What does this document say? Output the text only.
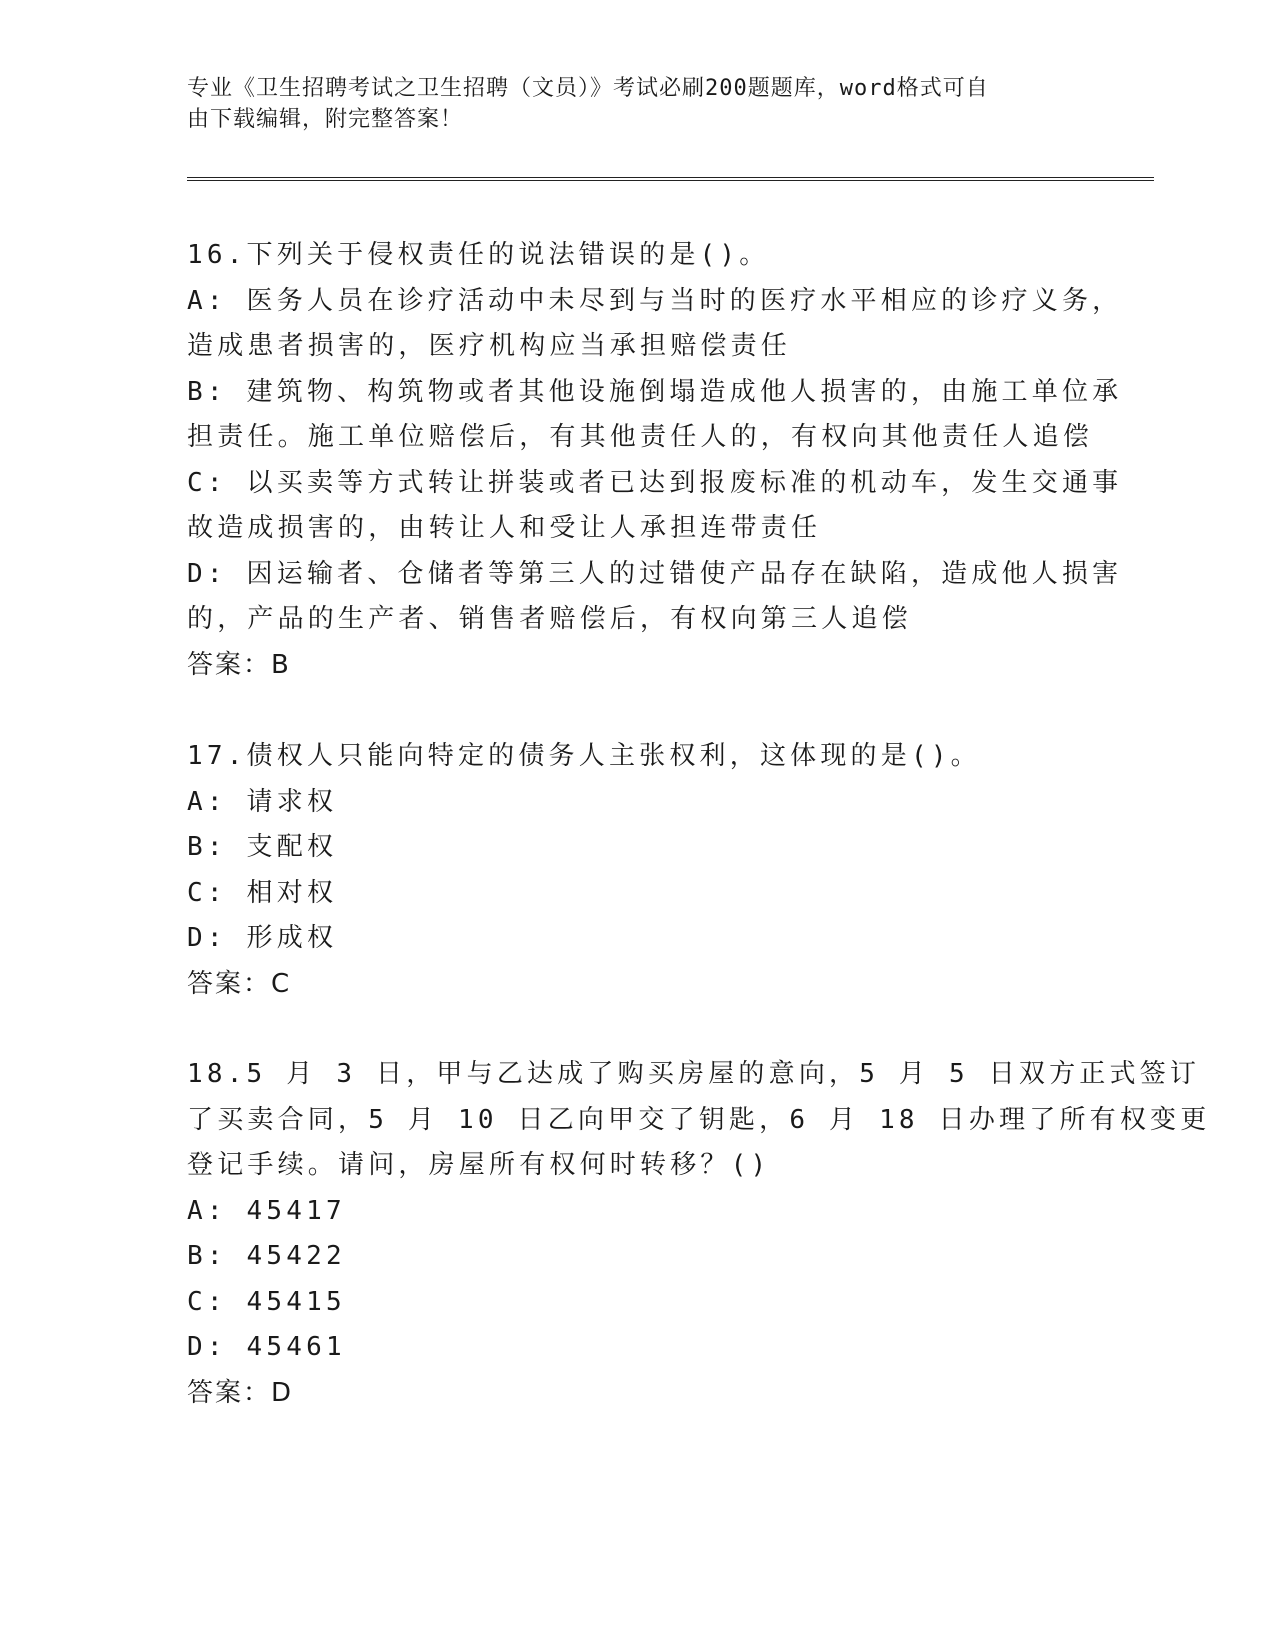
专业《卫生招聘考试之卫生招聘（文员）》考试必刷200题题库，word格式可自
由下载编辑，附完整答案！
16.下列关于侵权责任的说法错误的是()。
A: 医务人员在诊疗活动中未尽到与当时的医疗水平相应的诊疗义务，
造成患者损害的，医疗机构应当承担赔偿责任
B: 建筑物、构筑物或者其他设施倒塌造成他人损害的，由施工单位承
担责任。施工单位赔偿后，有其他责任人的，有权向其他责任人追偿
C: 以买卖等方式转让拼装或者已达到报废标准的机动车，发生交通事
故造成损害的，由转让人和受让人承担连带责任
D: 因运输者、仓储者等第三人的过错使产品存在缺陷，造成他人损害
的，产品的生产者、销售者赔偿后，有权向第三人追偿
答案：B
17.债权人只能向特定的债务人主张权利，这体现的是()。
A: 请求权
B: 支配权
C: 相对权
D: 形成权
答案：C
18.5 月 3 日，甲与乙达成了购买房屋的意向，5 月 5 日双方正式签订
了买卖合同，5 月 10 日乙向甲交了钥匙，6 月 18 日办理了所有权变更
登记手续。请问，房屋所有权何时转移？()
A: 45417
B: 45422
C: 45415
D: 45461
答案：D
